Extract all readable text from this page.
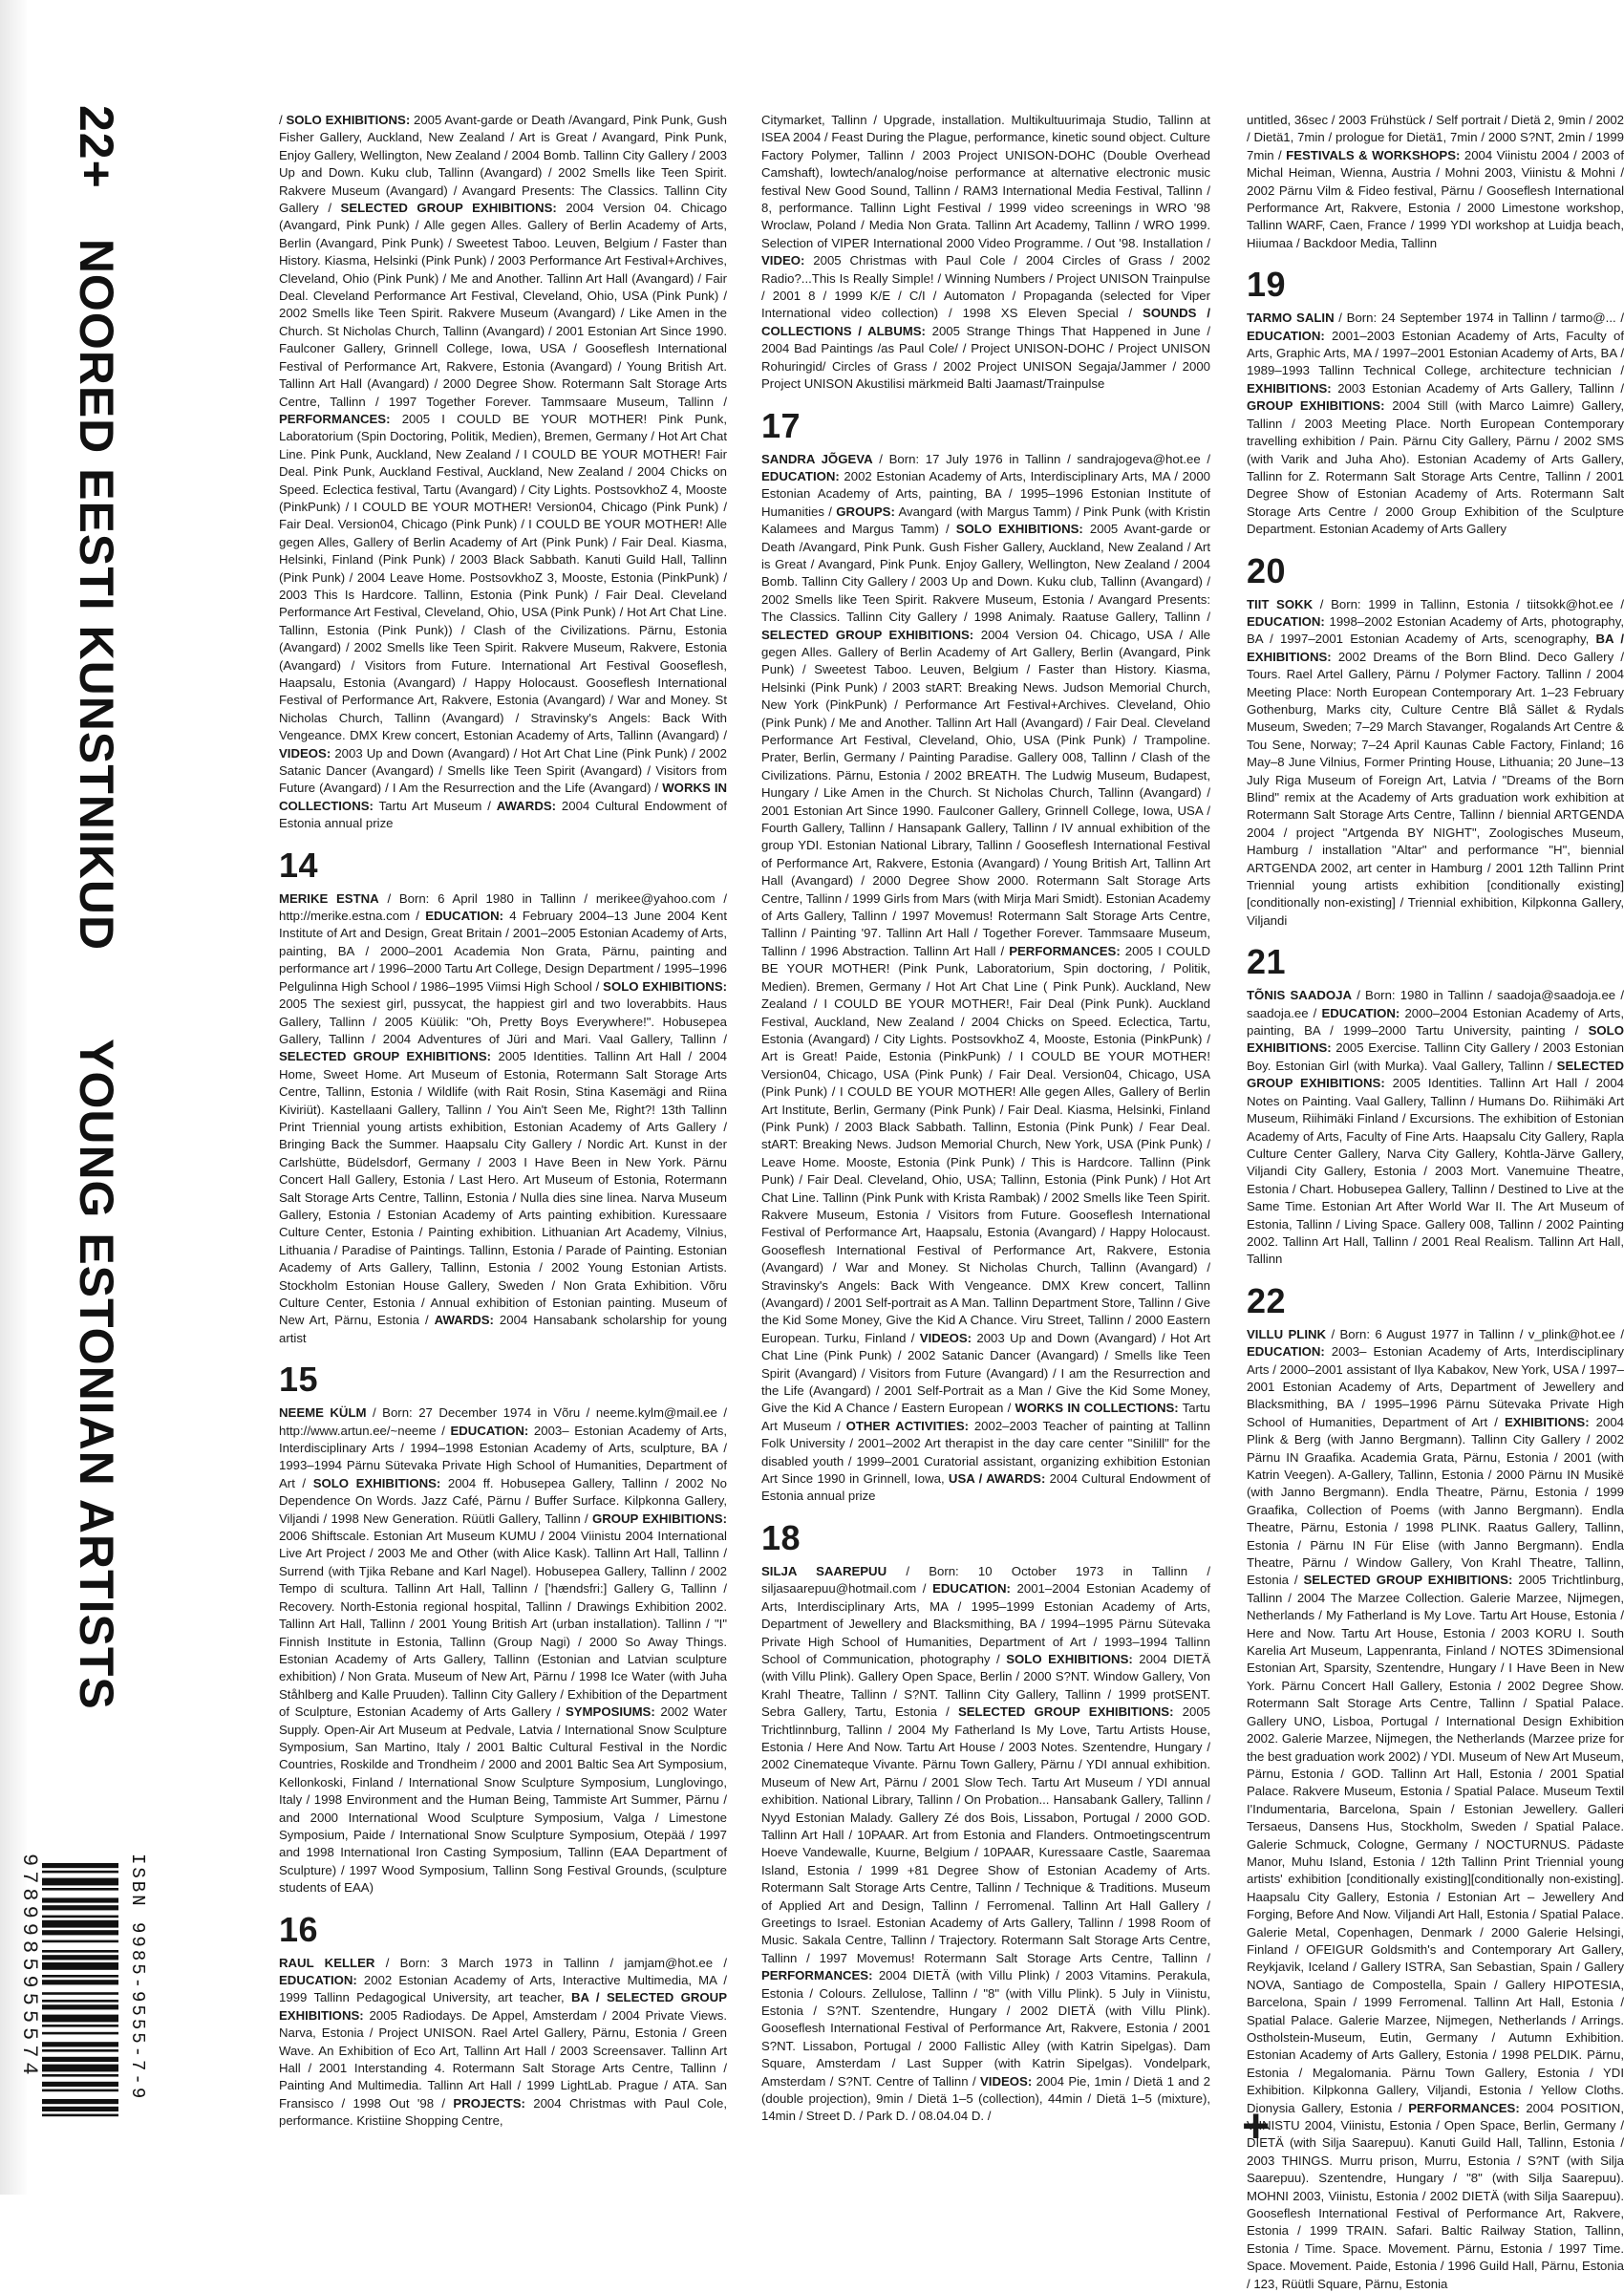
22+
NOORED EESTI KUNSTNIKUD
YOUNG ESTONIAN ARTISTS
9789985955574	ISBN 9985-9555-7-9

/ SOLO EXHIBITIONS: 2005 Avant-garde or Death /Avangard, Pink Punk, Gush Fisher Gallery, Auckland, New Zealand / Art is Great / Avangard, Pink Punk, Enjoy Gallery, Wellington, New Zealand / 2004 Bomb. Tallinn City Gallery / 2003 Up and Down. Kuku club, Tallinn (Avangard) / 2002 Smells like Teen Spirit. Rakvere Museum (Avangard) / Avangard Presents: The Classics. Tallinn City Gallery / SELECTED GROUP EXHIBITIONS: 2004 Version 04. Chicago (Avangard, Pink Punk) / Alle gegen Alles. Gallery of Berlin Academy of Arts, Berlin (Avangard, Pink Punk) / Sweetest Taboo. Leuven, Belgium / Faster than History. Kiasma, Helsinki (Pink Punk) / 2003 Performance Art Festival+Archives, Cleveland, Ohio (Pink Punk) / Me and Another. Tallinn Art Hall (Avangard) / Fair Deal. Cleveland Performance Art Festival, Cleveland, Ohio, USA (Pink Punk) / 2002 Smells like Teen Spirit. Rakvere Museum (Avangard) / Like Amen in the Church. St Nicholas Church, Tallinn (Avangard) / 2001 Estonian Art Since 1990. Faulconer Gallery, Grinnell College, Iowa, USA / Gooseflesh International Festival of Performance Art, Rakvere, Estonia (Avangard) / Young British Art. Tallinn Art Hall (Avangard) / 2000 Degree Show. Rotermann Salt Storage Arts Centre, Tallinn / 1997 Together Forever. Tammsaare Museum, Tallinn / PERFORMANCES: 2005 I COULD BE YOUR MOTHER! Pink Punk, Laboratorium (Spin Doctoring, Politik, Medien), Bremen, Germany / Hot Art Chat Line. Pink Punk, Auckland, New Zealand / I COULD BE YOUR MOTHER! Fair Deal. Pink Punk, Auckland Festival, Auckland, New Zealand / 2004 Chicks on Speed. Eclectica festival, Tartu (Avangard) / City Lights. PostsovkhoZ 4, Mooste (PinkPunk) / I COULD BE YOUR MOTHER! Version04, Chicago (Pink Punk) / Fair Deal. Version04, Chicago (Pink Punk) / I COULD BE YOUR MOTHER! Alle gegen Alles, Gallery of Berlin Academy of Art (Pink Punk) / Fair Deal. Kiasma, Helsinki, Finland (Pink Punk) / 2003 Black Sabbath. Kanuti Guild Hall, Tallinn (Pink Punk) / 2004 Leave Home. PostsovkhoZ 3, Mooste, Estonia (PinkPunk) / 2003 This Is Hardcore. Tallinn, Estonia (Pink Punk) / Fair Deal. Cleveland Performance Art Festival, Cleveland, Ohio, USA (Pink Punk) / Hot Art Chat Line. Tallinn, Estonia (Pink Punk)) / Clash of the Civilizations. Pärnu, Estonia (Avangard) / 2002 Smells like Teen Spirit. Rakvere Museum, Rakvere, Estonia (Avangard) / Visitors from Future. International Art Festival Gooseflesh, Haapsalu, Estonia (Avangard) / Happy Holocaust. Gooseflesh International Festival of Performance Art, Rakvere, Estonia (Avangard) / War and Money. St Nicholas Church, Tallinn (Avangard) / Stravinsky's Angels: Back With Vengeance. DMX Krew concert, Estonian Academy of Arts, Tallinn (Avangard) / VIDEOS: 2003 Up and Down (Avangard) / Hot Art Chat Line (Pink Punk) / 2002 Satanic Dancer (Avangard) / Smells like Teen Spirit (Avangard) / Visitors from Future (Avangard) / I Am the Resurrection and the Life (Avangard) / WORKS IN COLLECTIONS: Tartu Art Museum / AWARDS: 2004 Cultural Endowment of Estonia annual prize

14

MERIKE ESTNA / Born: 6 April 1980 in Tallinn / merikee@yahoo.com / http://merike.estna.com / EDUCATION: 4 February 2004–13 June 2004 Kent Institute of Art and Design, Great Britain / 2001–2005 Estonian Academy of Arts, painting, BA / 2000–2001 Academia Non Grata, Pärnu, painting and performance art / 1996–2000 Tartu Art College, Design Department / 1995–1996 Pelgulinna High School / 1986–1995 Viimsi High School / SOLO EXHIBITIONS: 2005 The sexiest girl, pussycat, the happiest girl and two loverabbits. Haus Gallery, Tallinn / 2005 Küülik: "Oh, Pretty Boys Everywhere!". Hobusepea Gallery, Tallinn / 2004 Adventures of Jüri and Mari. Vaal Gallery, Tallinn / SELECTED GROUP EXHIBITIONS: 2005 Identities. Tallinn Art Hall / 2004 Home, Sweet Home. Art Museum of Estonia, Rotermann Salt Storage Arts Centre, Tallinn, Estonia / Wildlife (with Rait Rosin, Stina Kasemägi and Riina Kiviriüt). Kastellaani Gallery, Tallinn / You Ain't Seen Me, Right?! 13th Tallinn Print Triennial young artists exhibition, Estonian Academy of Arts Gallery / Bringing Back the Summer. Haapsalu City Gallery / Nordic Art. Kunst in der Carlshütte, Büdelsdorf, Germany / 2003 I Have Been in New York. Pärnu Concert Hall Gallery, Estonia / Last Hero. Art Museum of Estonia, Rotermann Salt Storage Arts Centre, Tallinn, Estonia / Nulla dies sine linea. Narva Museum Gallery, Estonia / Estonian Academy of Arts painting exhibition. Kuressaare Culture Center, Estonia / Painting exhibition. Lithuanian Art Academy, Vilnius, Lithuania / Paradise of Paintings. Tallinn, Estonia / Parade of Painting. Estonian Academy of Arts Gallery, Tallinn, Estonia / 2002 Young Estonian Artists. Stockholm Estonian House Gallery, Sweden / Non Grata Exhibition. Võru Culture Center, Estonia / Annual exhibition of Estonian painting. Museum of New Art, Pärnu, Estonia / AWARDS: 2004 Hansabank scholarship for young artist

15

NEEME KÜLM / Born: 27 December 1974 in Võru / neeme.kylm@mail.ee / http://www.artun.ee/~neeme / EDUCATION: 2003– Estonian Academy of Arts, Interdisciplinary Arts / 1994–1998 Estonian Academy of Arts, sculpture, BA / 1993–1994 Pärnu Sütevaka Private High School of Humanities, Department of Art / SOLO EXHIBITIONS: 2004 ff. Hobusepea Gallery, Tallinn / 2002 No Dependence On Words. Jazz Café, Pärnu / Buffer Surface. Kilpkonna Gallery, Viljandi / 1998 New Generation. Rüütli Gallery, Tallinn / GROUP EXHIBITIONS: 2006 Shiftscale. Estonian Art Museum KUMU / 2004 Viinistu 2004 International Live Art Project / 2003 Me and Other (with Alice Kask). Tallinn Art Hall, Tallinn / Surrend (with Tjika Rebane and Karl Nagel). Hobusepea Gallery, Tallinn / 2002 Tempo di scultura. Tallinn Art Hall, Tallinn / ['hændsfri:] Gallery G, Tallinn / Recovery. North-Estonia regional hospital, Tallinn / Drawings Exhibition 2002. Tallinn Art Hall, Tallinn / 2001 Young British Art (urban installation). Tallinn / "I" Finnish Institute in Estonia, Tallinn (Group Nagi) / 2000 So Away Things. Estonian Academy of Arts Gallery, Tallinn (Estonian and Latvian sculpture exhibition) / Non Grata. Museum of New Art, Pärnu / 1998 Ice Water (with Juha Ståhlberg and Kalle Pruuden). Tallinn City Gallery / Exhibition of the Department of Sculpture, Estonian Academy of Arts Gallery / SYMPOSIUMS: 2002 Water Supply. Open-Air Art Museum at Pedvale, Latvia / International Snow Sculpture Symposium, San Martino, Italy / 2001 Baltic Cultural Festival in the Nordic Countries, Roskilde and Trondheim / 2000 and 2001 Baltic Sea Art Symposium, Kellonkoski, Finland / International Snow Sculpture Symposium, Lunglovingo, Italy / 1998 Environment and the Human Being, Tammiste Art Summer, Pärnu / and 2000 International Wood Sculpture Symposium, Valga / Limestone Symposium, Paide / International Snow Sculpture Symposium, Otepää / 1997 and 1998 International Iron Casting Symposium, Tallinn (EAA Department of Sculpture) / 1997 Wood Symposium, Tallinn Song Festival Grounds, (sculpture students of EAA)

16

RAUL KELLER / Born: 3 March 1973 in Tallinn / jamjam@hot.ee / EDUCATION: 2002 Estonian Academy of Arts, Interactive Multimedia, MA / 1999 Tallinn Pedagogical University, art teacher, BA / SELECTED GROUP EXHIBITIONS: 2005 Radiodays. De Appel, Amsterdam / 2004 Private Views. Narva, Estonia / Project UNISON. Rael Artel Gallery, Pärnu, Estonia / Green Wave. An Exhibition of Eco Art, Tallinn Art Hall / 2003 Screensaver. Tallinn Art Hall / 2001 Interstanding 4. Rotermann Salt Storage Arts Centre, Tallinn / Painting And Multimedia. Tallinn Art Hall / 1999 LightLab. Prague / ATA. San Fransisco / 1998 Out '98 / PROJECTS: 2004 Christmas with Paul Cole, performance. Kristiine Shopping Centre,

Citymarket, Tallinn / Upgrade, installation. Multikultuurimaja Studio, Tallinn at ISEA 2004 / Feast During the Plague, performance, kinetic sound object. Culture Factory Polymer, Tallinn / 2003 Project UNISON-DOHC (Double Overhead Camshaft), lowtech/analog/noise performance at alternative electronic music festival New Good Sound, Tallinn / RAM3 International Media Festival, Tallinn / 8, performance. Tallinn Light Festival / 1999 video screenings in WRO '98 Wroclaw, Poland / Media Non Grata. Tallinn Art Academy, Tallinn / WRO 1999. Selection of VIPER International 2000 Video Programme. / Out '98. Installation / VIDEO: 2005 Christmas with Paul Cole / 2004 Circles of Grass / 2002 Radio?...This Is Really Simple! / Winning Numbers / Project UNISON Trainpulse / 2001 8 / 1999 K/E / C/I / Automaton / Propaganda (selected for Viper International video collection) / 1998 XS Eleven Special / SOUNDS / COLLECTIONS / ALBUMS: 2005 Strange Things That Happened in June / 2004 Bad Paintings /as Paul Cole/ / Project UNISON-DOHC / Project UNISON Rohuringid/ Circles of Grass / 2002 Project UNISON Segaja/Jammer / 2000 Project UNISON Akustilisi märkmeid Balti Jaamast/Trainpulse

17

SANDRA JÕGEVA / Born: 17 July 1976 in Tallinn / sandrajogeva@hot.ee / EDUCATION: 2002 Estonian Academy of Arts, Interdisciplinary Arts, MA / 2000 Estonian Academy of Arts, painting, BA / 1995–1996 Estonian Institute of Humanities / GROUPS: Avangard (with Margus Tamm) / Pink Punk (with Kristin Kalamees and Margus Tamm) / SOLO EXHIBITIONS: 2005 Avant-garde or Death /Avangard, Pink Punk. Gush Fisher Gallery, Auckland, New Zealand / Art is Great / Avangard, Pink Punk. Enjoy Gallery, Wellington, New Zealand / 2004 Bomb. Tallinn City Gallery / 2003 Up and Down. Kuku club, Tallinn (Avangard) / 2002 Smells like Teen Spirit. Rakvere Museum, Estonia / Avangard Presents: The Classics. Tallinn City Gallery / 1998 Animaly. Raatuse Gallery, Tallinn / SELECTED GROUP EXHIBITIONS: 2004 Version 04. Chicago, USA / Alle gegen Alles. Gallery of Berlin Academy of Art Gallery, Berlin (Avangard, Pink Punk) / Sweetest Taboo. Leuven, Belgium / Faster than History. Kiasma, Helsinki (Pink Punk) / 2003 stART: Breaking News. Judson Memorial Church, New York (PinkPunk) / Performance Art Festival+Archives. Cleveland, Ohio (Pink Punk) / Me and Another. Tallinn Art Hall (Avangard) / Fair Deal. Cleveland Performance Art Festival, Cleveland, Ohio, USA (Pink Punk) / Trampoline. Prater, Berlin, Germany / Painting Paradise. Gallery 008, Tallinn / Clash of the Civilizations. Pärnu, Estonia / 2002 BREATH. The Ludwig Museum, Budapest, Hungary / Like Amen in the Church. St Nicholas Church, Tallinn (Avangard) / 2001 Estonian Art Since 1990. Faulconer Gallery, Grinnell College, Iowa, USA / Fourth Gallery, Tallinn / Hansapank Gallery, Tallinn / IV annual exhibition of the group YDI. Estonian National Library, Tallinn / Gooseflesh International Festival of Performance Art, Rakvere, Estonia (Avangard) / Young British Art, Tallinn Art Hall (Avangard) / 2000 Degree Show 2000. Rotermann Salt Storage Arts Centre, Tallinn / 1999 Girls from Mars (with Mirja Mari Smidt). Estonian Academy of Arts Gallery, Tallinn / 1997 Movemus! Rotermann Salt Storage Arts Centre, Tallinn / Painting '97. Tallinn Art Hall / Together Forever. Tammsaare Museum, Tallinn / 1996 Abstraction. Tallinn Art Hall / PERFORMANCES: 2005 I COULD BE YOUR MOTHER! (Pink Punk, Laboratorium, Spin doctoring, / Politik, Medien). Bremen, Germany / Hot Art Chat Line ( Pink Punk). Auckland, New Zealand / I COULD BE YOUR MOTHER!, Fair Deal (Pink Punk). Auckland Festival, Auckland, New Zealand / 2004 Chicks on Speed. Eclectica, Tartu, Estonia (Avangard) / City Lights. PostsovkhoZ 4, Mooste, Estonia (PinkPunk) / Art is Great! Paide, Estonia (PinkPunk) / I COULD BE YOUR MOTHER! Version04, Chicago, USA (Pink Punk) / Fair Deal. Version04, Chicago, USA (Pink Punk) / I COULD BE YOUR MOTHER! Alle gegen Alles, Gallery of Berlin Art Institute, Berlin, Germany (Pink Punk) / Fair Deal. Kiasma, Helsinki, Finland (Pink Punk) / 2003 Black Sabbath. Tallinn, Estonia (Pink Punk) / Fear Deal. stART: Breaking News. Judson Memorial Church, New York, USA (Pink Punk) / Leave Home. Mooste, Estonia (Pink Punk) / This is Hardcore. Tallinn (Pink Punk) / Fair Deal. Cleveland, Ohio, USA; Tallinn, Estonia (Pink Punk) / Hot Art Chat Line. Tallinn (Pink Punk with Krista Rambak) / 2002 Smells like Teen Spirit. Rakvere Museum, Estonia / Visitors from Future. Gooseflesh International Festival of Performance Art, Haapsalu, Estonia (Avangard) / Happy Holocaust. Gooseflesh International Festival of Performance Art, Rakvere, Estonia (Avangard) / War and Money. St Nicholas Church, Tallinn (Avangard) / Stravinsky's Angels: Back With Vengeance. DMX Krew concert, Tallinn (Avangard) / 2001 Self-portrait as A Man. Tallinn Department Store, Tallinn / Give the Kid Some Money, Give the Kid A Chance. Viru Street, Tallinn / 2000 Eastern European. Turku, Finland / VIDEOS: 2003 Up and Down (Avangard) / Hot Art Chat Line (Pink Punk) / 2002 Satanic Dancer (Avangard) / Smells like Teen Spirit (Avangard) / Visitors from Future (Avangard) / I am the Resurrection and the Life (Avangard) / 2001 Self-Portrait as a Man / Give the Kid Some Money, Give the Kid A Chance / Eastern European / WORKS IN COLLECTIONS: Tartu Art Museum / OTHER ACTIVITIES: 2002–2003 Teacher of painting at Tallinn Folk University / 2001–2002 Art therapist in the day care center "Sinilill" for the disabled youth / 1999–2001 Curatorial assistant, organizing exhibition Estonian Art Since 1990 in Grinnell, Iowa, USA / AWARDS: 2004 Cultural Endowment of Estonia annual prize

18

SILJA SAAREPUU / Born: 10 October 1973 in Tallinn / siljasaarepuu@hotmail.com / EDUCATION: 2001–2004 Estonian Academy of Arts, Interdisciplinary Arts, MA / 1995–1999 Estonian Academy of Arts, Department of Jewellery and Blacksmithing, BA / 1994–1995 Pärnu Sütevaka Private High School of Humanities, Department of Art / 1993–1994 Tallinn School of Communication, photography / SOLO EXHIBITIONS: 2004 DIETÄ (with Villu Plink). Gallery Open Space, Berlin / 2000 S?NT. Window Gallery, Von Krahl Theatre, Tallinn / S?NT. Tallinn City Gallery, Tallinn / 1999 protSENT. Sebra Gallery, Tartu, Estonia / SELECTED GROUP EXHIBITIONS: 2005 Trichtlinnburg, Tallinn / 2004 My Fatherland Is My Love, Tartu Artists House, Estonia / Here And Now. Tartu Art House / 2003 Notes. Szentendre, Hungary / 2002 Cinemateque Vivante. Pärnu Town Gallery, Pärnu / YDI annual exhibition. Museum of New Art, Pärnu / 2001 Slow Tech. Tartu Art Museum / YDI annual exhibition. National Library, Tallinn / On Probation... Hansabank Gallery, Tallinn / Nyyd Estonian Malady. Gallery Zé dos Bois, Lissabon, Portugal / 2000 GOD. Tallinn Art Hall / 10PAAR. Art from Estonia and Flanders. Ontmoetingscentrum Hoeve Vandewalle, Kuurne, Belgium / 10PAAR, Kuressaare Castle, Saaremaa Island, Estonia / 1999 +81 Degree Show of Estonian Academy of Arts. Rotermann Salt Storage Arts Centre, Tallinn / Technique & Traditions. Museum of Applied Art and Design, Tallinn / Ferromenal. Tallinn Art Hall Gallery / Greetings to Israel. Estonian Academy of Arts Gallery, Tallinn / 1998 Room of Music. Sakala Centre, Tallinn / Trajectory. Rotermann Salt Storage Arts Centre, Tallinn / 1997 Movemus! Rotermann Salt Storage Arts Centre, Tallinn / PERFORMANCES: 2004 DIETÄ (with Villu Plink) / 2003 Vitamins. Perakula, Estonia / Colours. Zellulose, Tallinn / "8" (with Villu Plink). 5 July in Viinistu, Estonia / S?NT. Szentendre, Hungary / 2002 DIETÄ (with Villu Plink). Gooseflesh International Festival of Performance Art, Rakvere, Estonia / 2001 S?NT. Lissabon, Portugal / 2000 Fallistic Alley (with Katrin Sipelgas). Dam Square, Amsterdam / Last Supper (with Katrin Sipelgas). Vondelpark, Amsterdam / S?NT. Centre of Tallinn / VIDEOS: 2004 Pie, 1min / Dietä 1 and 2 (double projection), 9min / Dietä 1–5 (collection), 44min / Dietä 1–5 (mixture), 14min / Street D. / Park D. / 08.04.04 D. /

untitled, 36sec / 2003 Frühstück / Self portrait / Dietä 2, 9min / 2002 / Dietä1, 7min / prologue for Dietä1, 7min / 2000 S?NT, 2min / 1999 7min / FESTIVALS & WORKSHOPS: 2004 Viinistu 2004 / 2003 of Michal Heiman, Wienna, Austria / Mohni 2003, Viinistu & Mohni / 2002 Pärnu Vilm & Fideo festival, Pärnu / Gooseflesh International Performance Art, Rakvere, Estonia / 2000 Limestone workshop, Tallinn WARF, Caen, France / 1999 YDI workshop at Luidja beach, Hiiumaa / Backdoor Media, Tallinn

19

TARMO SALIN / Born: 24 September 1974 in Tallinn / tarmo@... / EDUCATION: 2001–2003 Estonian Academy of Arts, Faculty of Arts, Graphic Arts, MA / 1997–2001 Estonian Academy of Arts, BA / 1989–1993 Tallinn Technical College, architecture technician / EXHIBITIONS: 2003 Estonian Academy of Arts Gallery, Tallinn / GROUP EXHIBITIONS: 2004 Still (with Marco Laimre) Gallery, Tallinn / 2003 Meeting Place. North European Contemporary travelling exhibition / Pain. Pärnu City Gallery, Pärnu / 2002 SMS (with Varik and Juha Aho). Estonian Academy of Arts Gallery, Tallinn for Z. Rotermann Salt Storage Arts Centre, Tallinn / 2001 Degree Show of Estonian Academy of Arts. Rotermann Salt Storage Arts Centre / 2000 Group Exhibition of the Sculpture Department. Estonian Academy of Arts Gallery

20

TIIT SOKK / Born: 1999 in Tallinn, Estonia / tiitsokk@hot.ee / EDUCATION: 1998–2002 Estonian Academy of Arts, photography, BA / 1997–2001 Estonian Academy of Arts, scenography, BA / EXHIBITIONS: 2002 Dreams of the Born Blind. Deco Gallery / Tours. Rael Artel Gallery, Pärnu / Polymer Factory. Tallinn / 2004 Meeting Place: North European Contemporary Art. 1–23 February Gothenburg, Marks city, Culture Centre Blå Sället & Rydals Museum, Sweden; 7–29 March Stavanger, Rogalands Art Centre & Tou Sene, Norway; 7–24 April Kaunas Cable Factory, Finland; 16 May–8 June Vilnius, Former Printing House, Lithuania; 20 June–13 July Riga Museum of Foreign Art, Latvia / "Dreams of the Born Blind" remix at the Academy of Arts graduation work exhibition at Rotermann Salt Storage Arts Centre, Tallinn / biennial ARTGENDA 2004 / project "Artgenda BY NIGHT", Zoologisches Museum, Hamburg / installation "Altar" and performance "H", biennial ARTGENDA 2002, art center in Hamburg / 2001 12th Tallinn Print Triennial young artists exhibition [conditionally existing][conditionally non-existing] / Triennial exhibition, Kilpkonna Gallery, Viljandi

21

TÕNIS SAADOJA / Born: 1980 in Tallinn / saadoja@saadoja.ee / saadoja.ee / EDUCATION: 2000–2004 Estonian Academy of Arts, painting, BA / 1999–2000 Tartu University, painting / SOLO EXHIBITIONS: 2005 Exercise. Tallinn City Gallery / 2003 Estonian Boy. Estonian Girl (with Murka). Vaal Gallery, Tallinn / SELECTED GROUP EXHIBITIONS: 2005 Identities. Tallinn Art Hall / 2004 Notes on Painting. Vaal Gallery, Tallinn / Humans Do. Riihimäki Art Museum, Riihimäki Finland / Excursions. The exhibition of Estonian Academy of Arts, Faculty of Fine Arts. Haapsalu City Gallery, Rapla Culture Center Gallery, Narva City Gallery, Kohtla-Järve Gallery, Viljandi City Gallery, Estonia / 2003 Mort. Vanemuine Theatre, Estonia / Chart. Hobusepea Gallery, Tallinn / Destined to Live at the Same Time. Estonian Art After World War II. The Art Museum of Estonia, Tallinn / Living Space. Gallery 008, Tallinn / 2002 Painting 2002. Tallinn Art Hall, Tallinn / 2001 Real Realism. Tallinn Art Hall, Tallinn

22

VILLU PLINK / Born: 6 August 1977 in Tallinn / v_plink@hot.ee / EDUCATION: 2003– Estonian Academy of Arts, Interdisciplinary Arts / 2000–2001 assistant of Ilya Kabakov, New York, USA / 1997–2001 Estonian Academy of Arts, Department of Jewellery and Blacksmithing, BA / 1995–1996 Pärnu Sütevaka Private High School of Humanities, Department of Art / EXHIBITIONS: 2004 Plink & Berg (with Janno Bergmann). Tallinn City Gallery / 2002 Pärnu IN Graafika. Academia Grata, Pärnu, Estonia / 2001 (with Katrin Veegen). A-Gallery, Tallinn, Estonia / 2000 Pärnu IN Musikë (with Janno Bergmann). Endla Theatre, Pärnu, Estonia / 1999 Graafika, Collection of Poems (with Janno Bergmann). Endla Theatre, Pärnu, Estonia / 1998 PLINK. Raatus Gallery, Tallinn, Estonia / Pärnu IN Für Elise (with Janno Bergmann). Endla Theatre, Pärnu / Window Gallery, Von Krahl Theatre, Tallinn, Estonia / SELECTED GROUP EXHIBITIONS: 2005 Trichtlinburg, Tallinn / 2004 The Marzee Collection. Galerie Marzee, Nijmegen, Netherlands / My Fatherland is My Love. Tartu Art House, Estonia / Here and Now. Tartu Art House, Estonia / 2003 KORU I. South Karelia Art Museum, Lappenranta, Finland / NOTES 3Dimensional Estonian Art, Sparsity, Szentendre, Hungary / I Have Been in New York. Pärnu Concert Hall Gallery, Estonia / 2002 Degree Show. Rotermann Salt Storage Arts Centre, Tallinn / Spatial Palace. Gallery UNO, Lisboa, Portugal / International Design Exhibition 2002. Galerie Marzee, Nijmegen, the Netherlands (Marzee prize for the best graduation work 2002) / YDI. Museum of New Art Museum, Pärnu, Estonia / GOD. Tallinn Art Hall, Estonia / 2001 Spatial Palace. Rakvere Museum, Estonia / Spatial Palace. Museum Textil I'Indumentaria, Barcelona, Spain / Estonian Jewellery. Galleri Tersaeus, Dansens Hus, Stockholm, Sweden / Spatial Palace. Galerie Schmuck, Cologne, Germany / NOCTURNUS. Pädaste Manor, Muhu Island, Estonia / 12th Tallinn Print Triennial young artists' exhibition [conditionally existing][conditionally non-existing]. Haapsalu City Gallery, Estonia / Estonian Art – Jewellery And Forging, Before And Now. Viljandi Art Hall, Estonia / Spatial Palace. Galerie Metal, Copenhagen, Denmark / 2000 Galerie Helsingi, Finland / OFEIGUR Goldsmith's and Contemporary Art Gallery, Reykjavik, Iceland / Gallery ISTRA, San Sebastian, Spain / Gallery NOVA, Santiago de Compostella, Spain / Gallery HIPOTESIA, Barcelona, Spain / 1999 Ferromenal. Tallinn Art Hall, Estonia / Spatial Palace. Galerie Marzee, Nijmegen, Netherlands / Arrings. Ostholstein-Museum, Eutin, Germany / Autumn Exhibition. Estonian Academy of Arts Gallery, Estonia / 1998 PELDIK. Pärnu, Estonia / Megalomania. Pärnu Town Gallery, Estonia / YDI Exhibition. Kilpkonna Gallery, Viljandi, Estonia / Yellow Cloths. Dionysia Gallery, Estonia / PERFORMANCES: 2004 POSITION, VIINISTU 2004, Viinistu, Estonia / Open Space, Berlin, Germany / DIETÄ (with Silja Saarepuu). Kanuti Guild Hall, Tallinn, Estonia / 2003 THINGS. Murru prison, Murru, Estonia / S?NT (with Silja Saarepuu). Szentendre, Hungary / "8" (with Silja Saarepuu). MOHNI 2003, Viinistu, Estonia / 2002 DIETÄ (with Silja Saarepuu). Gooseflesh International Festival of Performance Art, Rakvere, Estonia / 1999 TRAIN. Safari. Baltic Railway Station, Tallinn, Estonia / Time. Space. Movement. Pärnu, Estonia / 1997 Time. Space. Movement. Paide, Estonia / 1996 Guild Hall, Pärnu, Estonia / 123, Rüütli Square, Pärnu, Estonia

+
